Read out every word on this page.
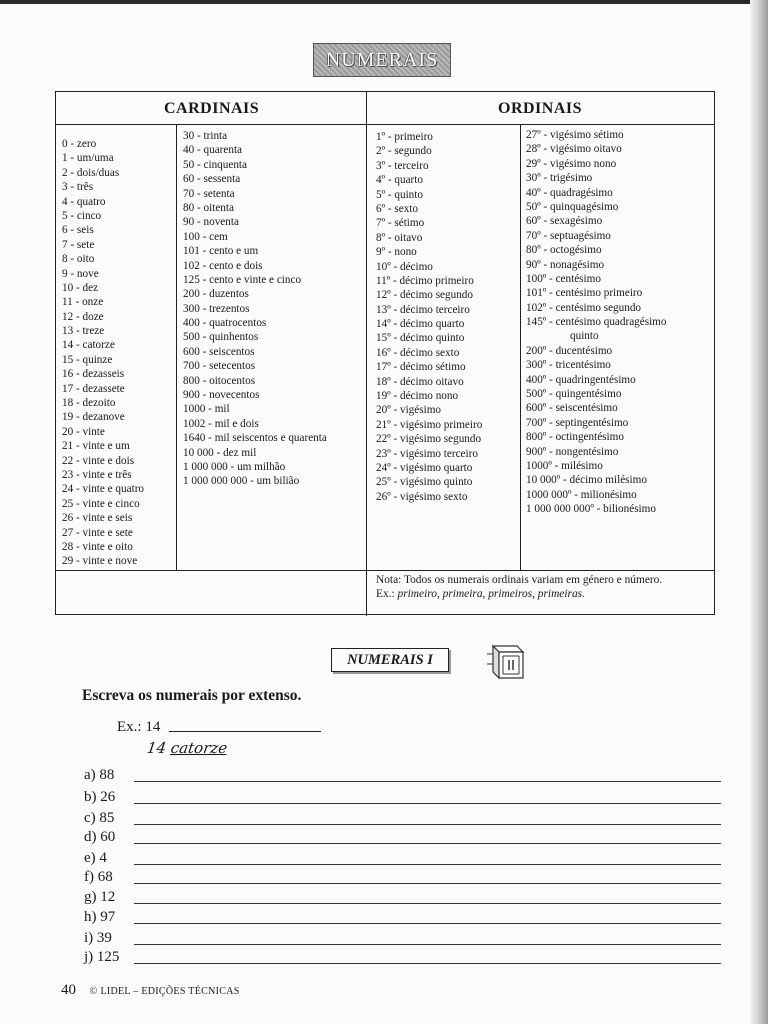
NUMERAIS
CARDINAIS	ORDINAIS
0 - zero
1 - um/uma
2 - dois/duas
3 - três
4 - quatro
5 - cinco
6 - seis
7 - sete
8 - oito
9 - nove
10 - dez
11 - onze
12 - doze
13 - treze
14 - catorze
15 - quinze
16 - dezasseis
17 - dezassete
18 - dezoito
19 - dezanove
20 - vinte
21 - vinte e um
22 - vinte e dois
23 - vinte e três
24 - vinte e quatro
25 - vinte e cinco
26 - vinte e seis
27 - vinte e sete
28 - vinte e oito
29 - vinte e nove
30 - trinta
40 - quarenta
50 - cinquenta
60 - sessenta
70 - setenta
80 - oitenta
90 - noventa
100 - cem
101 - cento e um
102 - cento e dois
125 - cento e vinte e cinco
200 - duzentos
300 - trezentos
400 - quatrocentos
500 - quinhentos
600 - seiscentos
700 - setecentos
800 - oitocentos
900 - novecentos
1000 - mil
1002 - mil e dois
1640 - mil seiscentos e quarenta
10 000 - dez mil
1 000 000 - um milhão
1 000 000 000 - um bilião
1º - primeiro
2º - segundo
3º - terceiro
4º - quarto
5º - quinto
6º - sexto
7º - sétimo
8º - oitavo
9º - nono
10º - décimo
11º - décimo primeiro
12º - décimo segundo
13º - décimo terceiro
14º - décimo quarto
15º - décimo quinto
16º - décimo sexto
17º - décimo sétimo
18º - décimo oitavo
19º - décimo nono
20º - vigésimo
21º - vigésimo primeiro
22º - vigésimo segundo
23º - vigésimo terceiro
24º - vigésimo quarto
25º - vigésimo quinto
26º - vigésimo sexto
27º - vigésimo sétimo
28º - vigésimo oitavo
29º - vigésimo nono
30º - trigésimo
40º - quadragésimo
50º - quinquagésimo
60º - sexagésimo
70º - septuagésimo
80º - octogésimo
90º - nonagésimo
100º - centésimo
101º - centésimo primeiro
102º - centésimo segundo
145º - centésimo quadragésimo
quinto
200º - ducentésimo
300º - tricentésimo
400º - quadringentésimo
500º - quingentésimo
600º - seiscentésimo
700º - septingentésimo
800º - octingentésimo
900º - nongentésimo
1000º - milésimo
10 000º - décimo milésimo
1000 000º - milionésimo
1 000 000 000º - bilionésimo
Nota: Todos os numerais ordinais variam em género e número.
Ex.: primeiro, primeira, primeiros, primeiras.
NUMERAIS I
Escreva os numerais por extenso.
Ex.: 14
14 catorze
a) 88
b) 26
c) 85
d) 60
e) 4
f) 68
g) 12
h) 97
i) 39
j) 125
40 © LIDEL – EDIÇÕES TÉCNICAS
